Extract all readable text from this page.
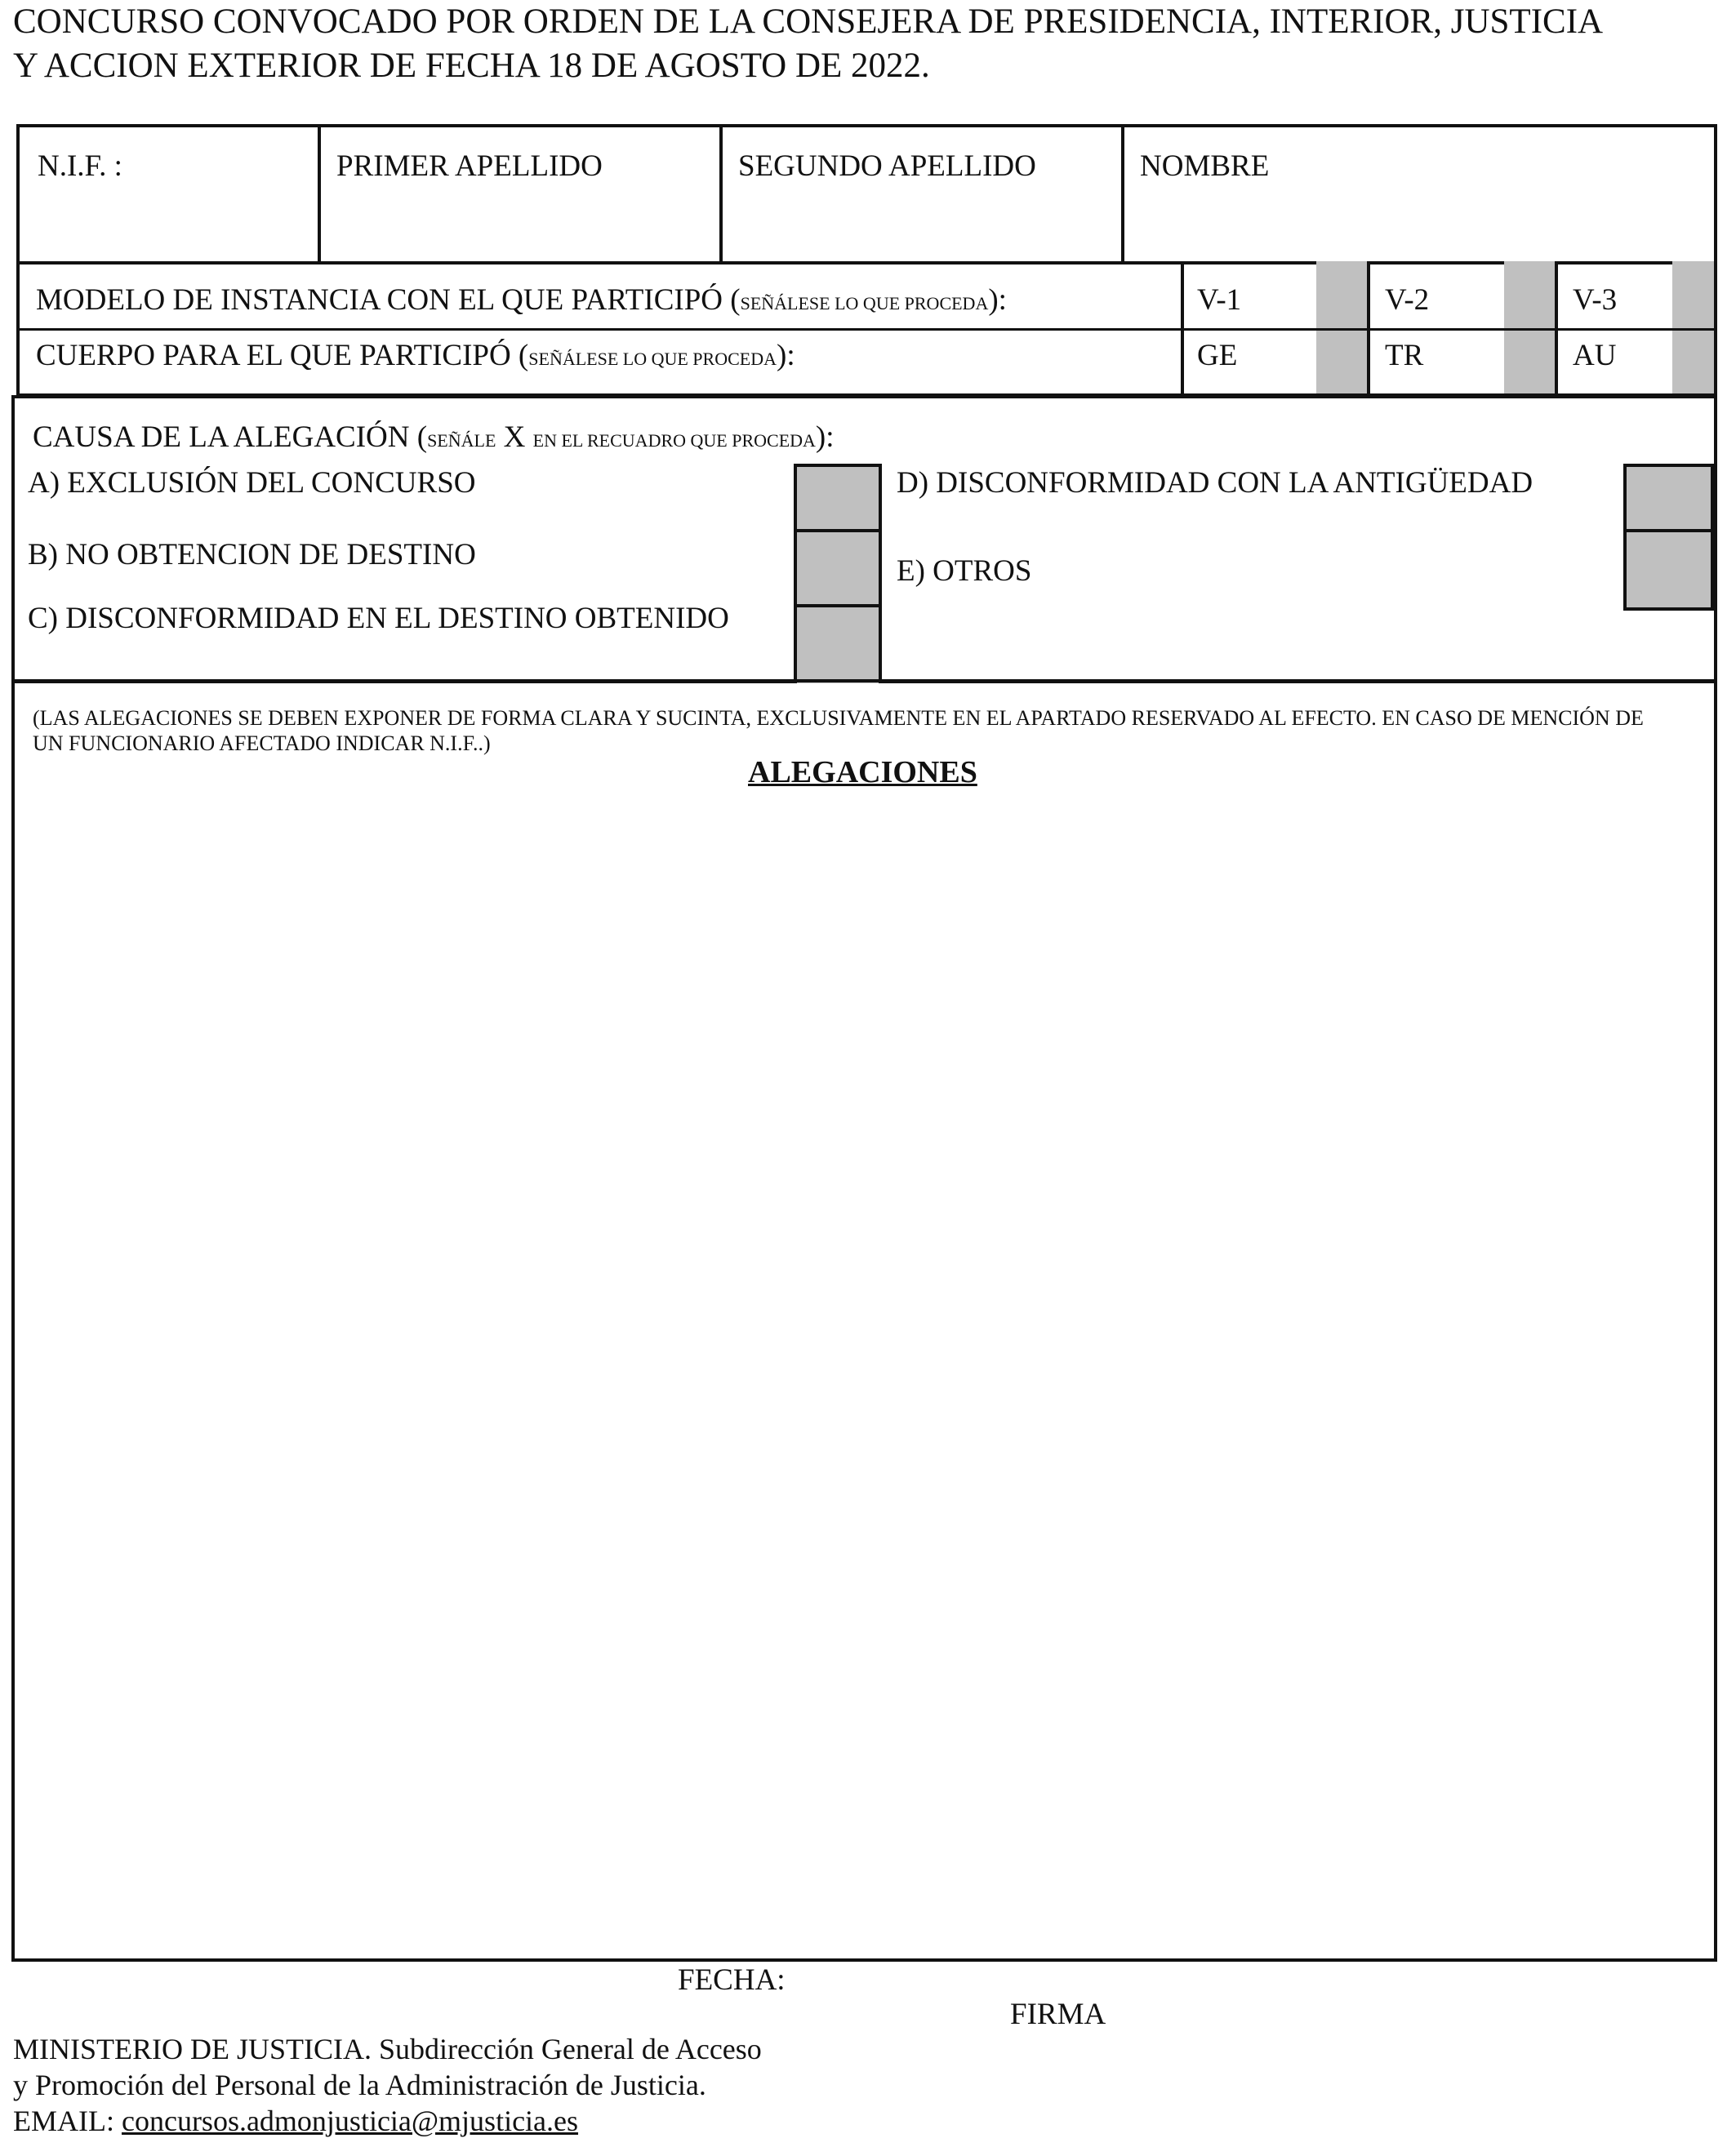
CONCURSO CONVOCADO POR ORDEN DE LA CONSEJERA DE PRESIDENCIA, INTERIOR, JUSTICIA
Y ACCION EXTERIOR DE FECHA 18 DE AGOSTO DE 2022.
N.I.F. :	PRIMER APELLIDO	SEGUNDO APELLIDO	NOMBRE
MODELO DE INSTANCIA CON EL QUE PARTICIPÓ (SEÑÁLESE LO QUE PROCEDA):	V-1	V-2	V-3
CUERPO PARA EL QUE PARTICIPÓ (SEÑÁLESE LO QUE PROCEDA):	GE	TR	AU
CAUSA DE LA ALEGACIÓN (SEÑÁLE X EN EL RECUADRO QUE PROCEDA):
A) EXCLUSIÓN DEL CONCURSO
B) NO OBTENCION DE DESTINO
C) DISCONFORMIDAD EN EL DESTINO OBTENIDO
D) DISCONFORMIDAD CON LA ANTIGÜEDAD
E) OTROS
(LAS ALEGACIONES SE DEBEN EXPONER DE FORMA CLARA Y SUCINTA, EXCLUSIVAMENTE EN EL APARTADO RESERVADO AL EFECTO. EN CASO DE MENCIÓN DE UN FUNCIONARIO AFECTADO INDICAR N.I.F..)
ALEGACIONES
FECHA:
FIRMA
MINISTERIO DE JUSTICIA. Subdirección General de Acceso
y Promoción del Personal de la Administración de Justicia.
EMAIL: concursos.admonjusticia@mjusticia.es
